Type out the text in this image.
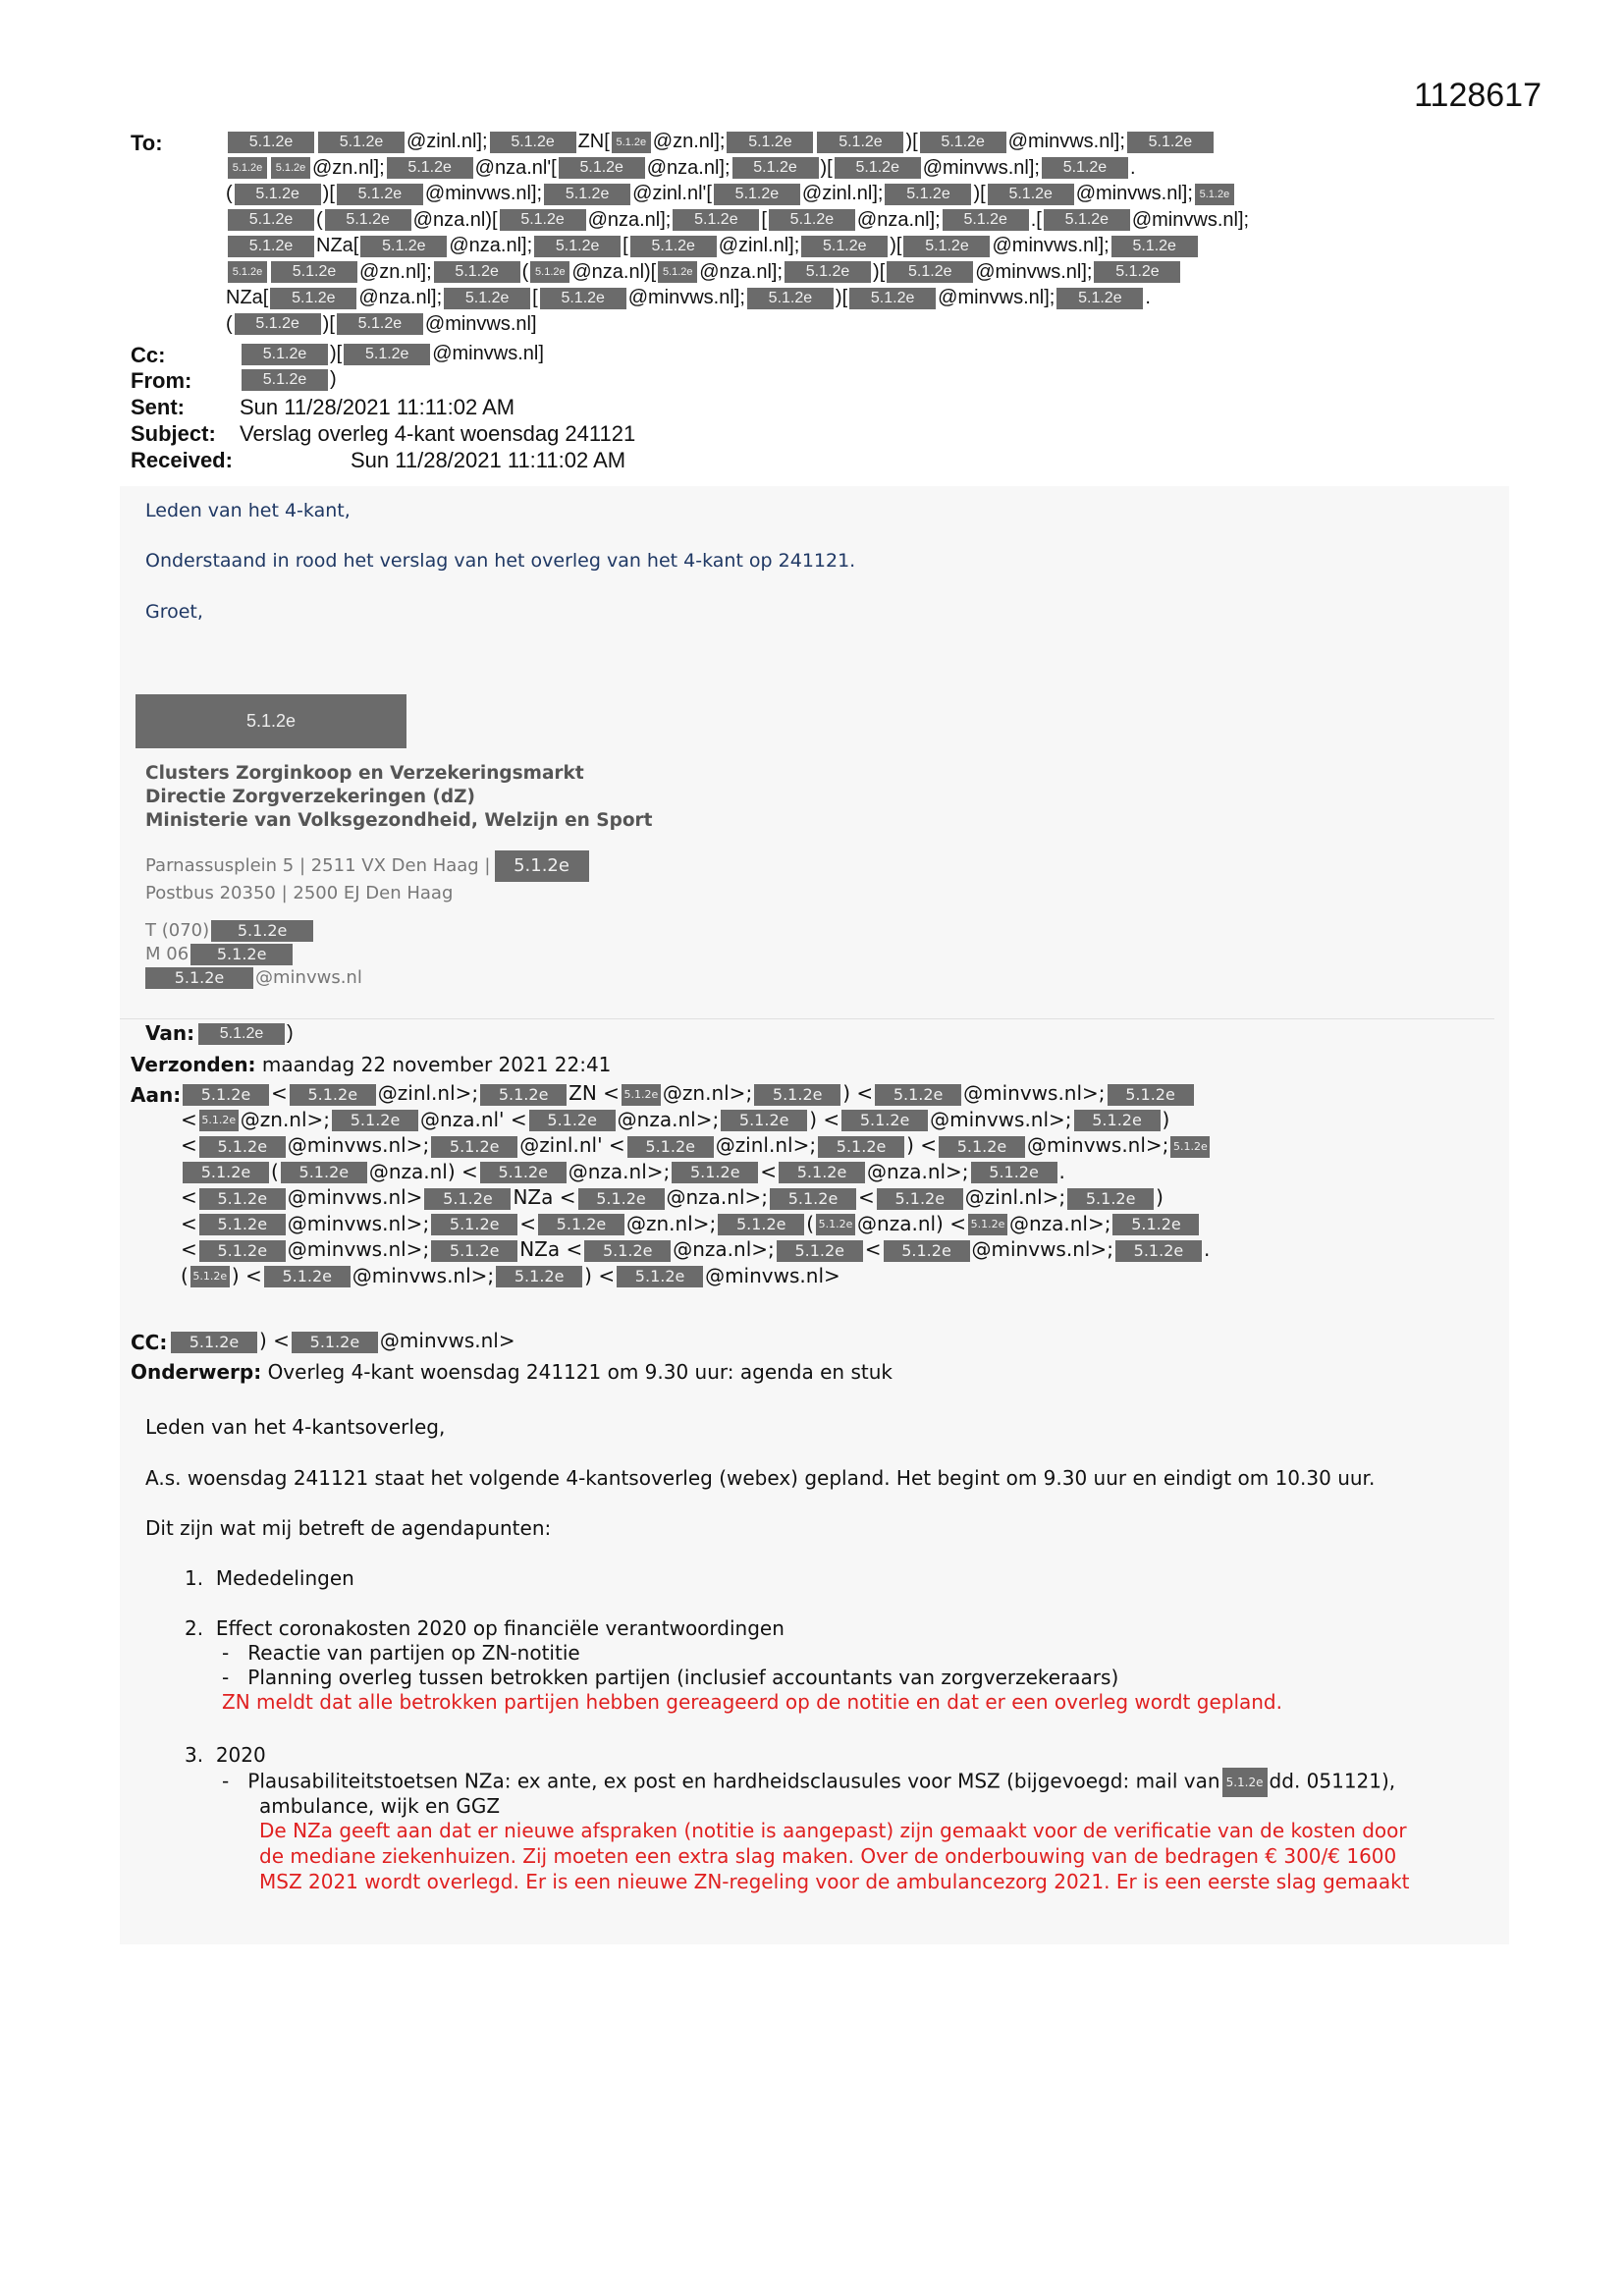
1128617
To:	5.1.2e	5.1.2e @zinl.nl]; 5.1.2e ZN[ 5.1.2e @zn.nl]; 5.1.2e	5.1.2e )[ 5.1.2e @minvws.nl]; 5.1.2e
5.1.2e 5.1.2e @zn.nl]; 5.1.2e @nza.nl'[ 5.1.2e @nza.nl]; 5.1.2e )[ 5.1.2e @minvws.nl]; 5.1.2e .
( 5.1.2e )[ 5.1.2e @minvws.nl]; 5.1.2e @zinl.nl'[ 5.1.2e @zinl.nl]; 5.1.2e )[ 5.1.2e @minvws.nl]; 5.1.2e
5.1.2e ( 5.1.2e @nza.nl)[ 5.1.2e @nza.nl]; 5.1.2e [ 5.1.2e @nza.nl]; 5.1.2e .[ 5.1.2e @minvws.nl];
5.1.2e NZa[ 5.1.2e @nza.nl]; 5.1.2e [ 5.1.2e @zinl.nl]; 5.1.2e )[ 5.1.2e @minvws.nl]; 5.1.2e
5.1.2e 5.1.2e @zn.nl]; 5.1.2e ( 5.1.2e @nza.nl)[ 5.1.2e @nza.nl]; 5.1.2e )[ 5.1.2e @minvws.nl]; 5.1.2e
NZa[ 5.1.2e @nza.nl]; 5.1.2e [ 5.1.2e @minvws.nl]; 5.1.2e )[ 5.1.2e @minvws.nl]; 5.1.2e .
( 5.1.2e )[ 5.1.2e @minvws.nl]
Cc:	5.1.2e )[ 5.1.2e @minvws.nl]
From:	5.1.2e )
Sent:	Sun 11/28/2021 11:11:02 AM
Subject: Verslag overleg 4-kant woensdag 241121
Received:	Sun 11/28/2021 11:11:02 AM
Leden van het 4-kant,
Onderstaand in rood het verslag van het overleg van het 4-kant op 241121.
Groet,
5.1.2e
Clusters Zorginkoop en Verzekeringsmarkt
Directie Zorgverzekeringen (dZ)
Ministerie van Volksgezondheid, Welzijn en Sport
Parnassusplein 5 | 2511 VX Den Haag | 5.1.2e
Postbus 20350 | 2500 EJ Den Haag
T (070) 5.1.2e
M 06 5.1.2e
5.1.2e @minvws.nl
Van:	5.1.2e )
Verzonden: maandag 22 november 2021 22:41
Aan:	5.1.2e < 5.1.2e @zinl.nl>; 5.1.2e ZN < 5.1.2e @zn.nl>; 5.1.2e ) < 5.1.2e @minvws.nl>; 5.1.2e
< 5.1.2e @zn.nl>; 5.1.2e @nza.nl' < 5.1.2e @nza.nl>; 5.1.2e ) < 5.1.2e @minvws.nl>; 5.1.2e )
< 5.1.2e @minvws.nl>; 5.1.2e @zinl.nl' < 5.1.2e @zinl.nl>; 5.1.2e ) < 5.1.2e @minvws.nl>; 5.1.2e
5.1.2e ( 5.1.2e @nza.nl) < 5.1.2e @nza.nl>; 5.1.2e < 5.1.2e @nza.nl>; 5.1.2e .
< 5.1.2e @minvws.nl> 5.1.2e NZa < 5.1.2e @nza.nl>; 5.1.2e < 5.1.2e @zinl.nl>; 5.1.2e )
< 5.1.2e @minvws.nl>; 5.1.2e < 5.1.2e @zn.nl>; 5.1.2e ( 5.1.2e @nza.nl) < 5.1.2e @nza.nl>; 5.1.2e
< 5.1.2e @minvws.nl>; 5.1.2e NZa < 5.1.2e @nza.nl>; 5.1.2e < 5.1.2e @minvws.nl>; 5.1.2e .
( 5.1.2e ) < 5.1.2e @minvws.nl>; 5.1.2e ) < 5.1.2e @minvws.nl>
CC:	5.1.2e ) < 5.1.2e @minvws.nl>
Onderwerp: Overleg 4-kant woensdag 241121 om 9.30 uur: agenda en stuk
Leden van het 4-kantsoverleg,
A.s. woensdag 241121 staat het volgende 4-kantsoverleg (webex) gepland. Het begint om 9.30 uur en eindigt om 10.30 uur.
Dit zijn wat mij betreft de agendapunten:
1. Mededelingen
2. Effect coronakosten 2020 op financiële verantwoordingen
-   Reactie van partijen op ZN-notitie
-   Planning overleg tussen betrokken partijen (inclusief accountants van zorgverzekeraars)
ZN meldt dat alle betrokken partijen hebben gereageerd op de notitie en dat er een overleg wordt gepland.
3. 2020
-   Plausabiliteitstoetsen NZa: ex ante, ex post en hardheidsclausules voor MSZ (bijgevoegd: mail van 5.1.2e dd. 051121),
ambulance, wijk en GGZ
De NZa geeft aan dat er nieuwe afspraken (notitie is aangepast) zijn gemaakt voor de verificatie van de kosten door
de mediane ziekenhuizen. Zij moeten een extra slag maken. Over de onderbouwing van de bedragen € 300/€ 1600
MSZ 2021 wordt overlegd. Er is een nieuwe ZN-regeling voor de ambulancezorg 2021. Er is een eerste slag gemaakt
